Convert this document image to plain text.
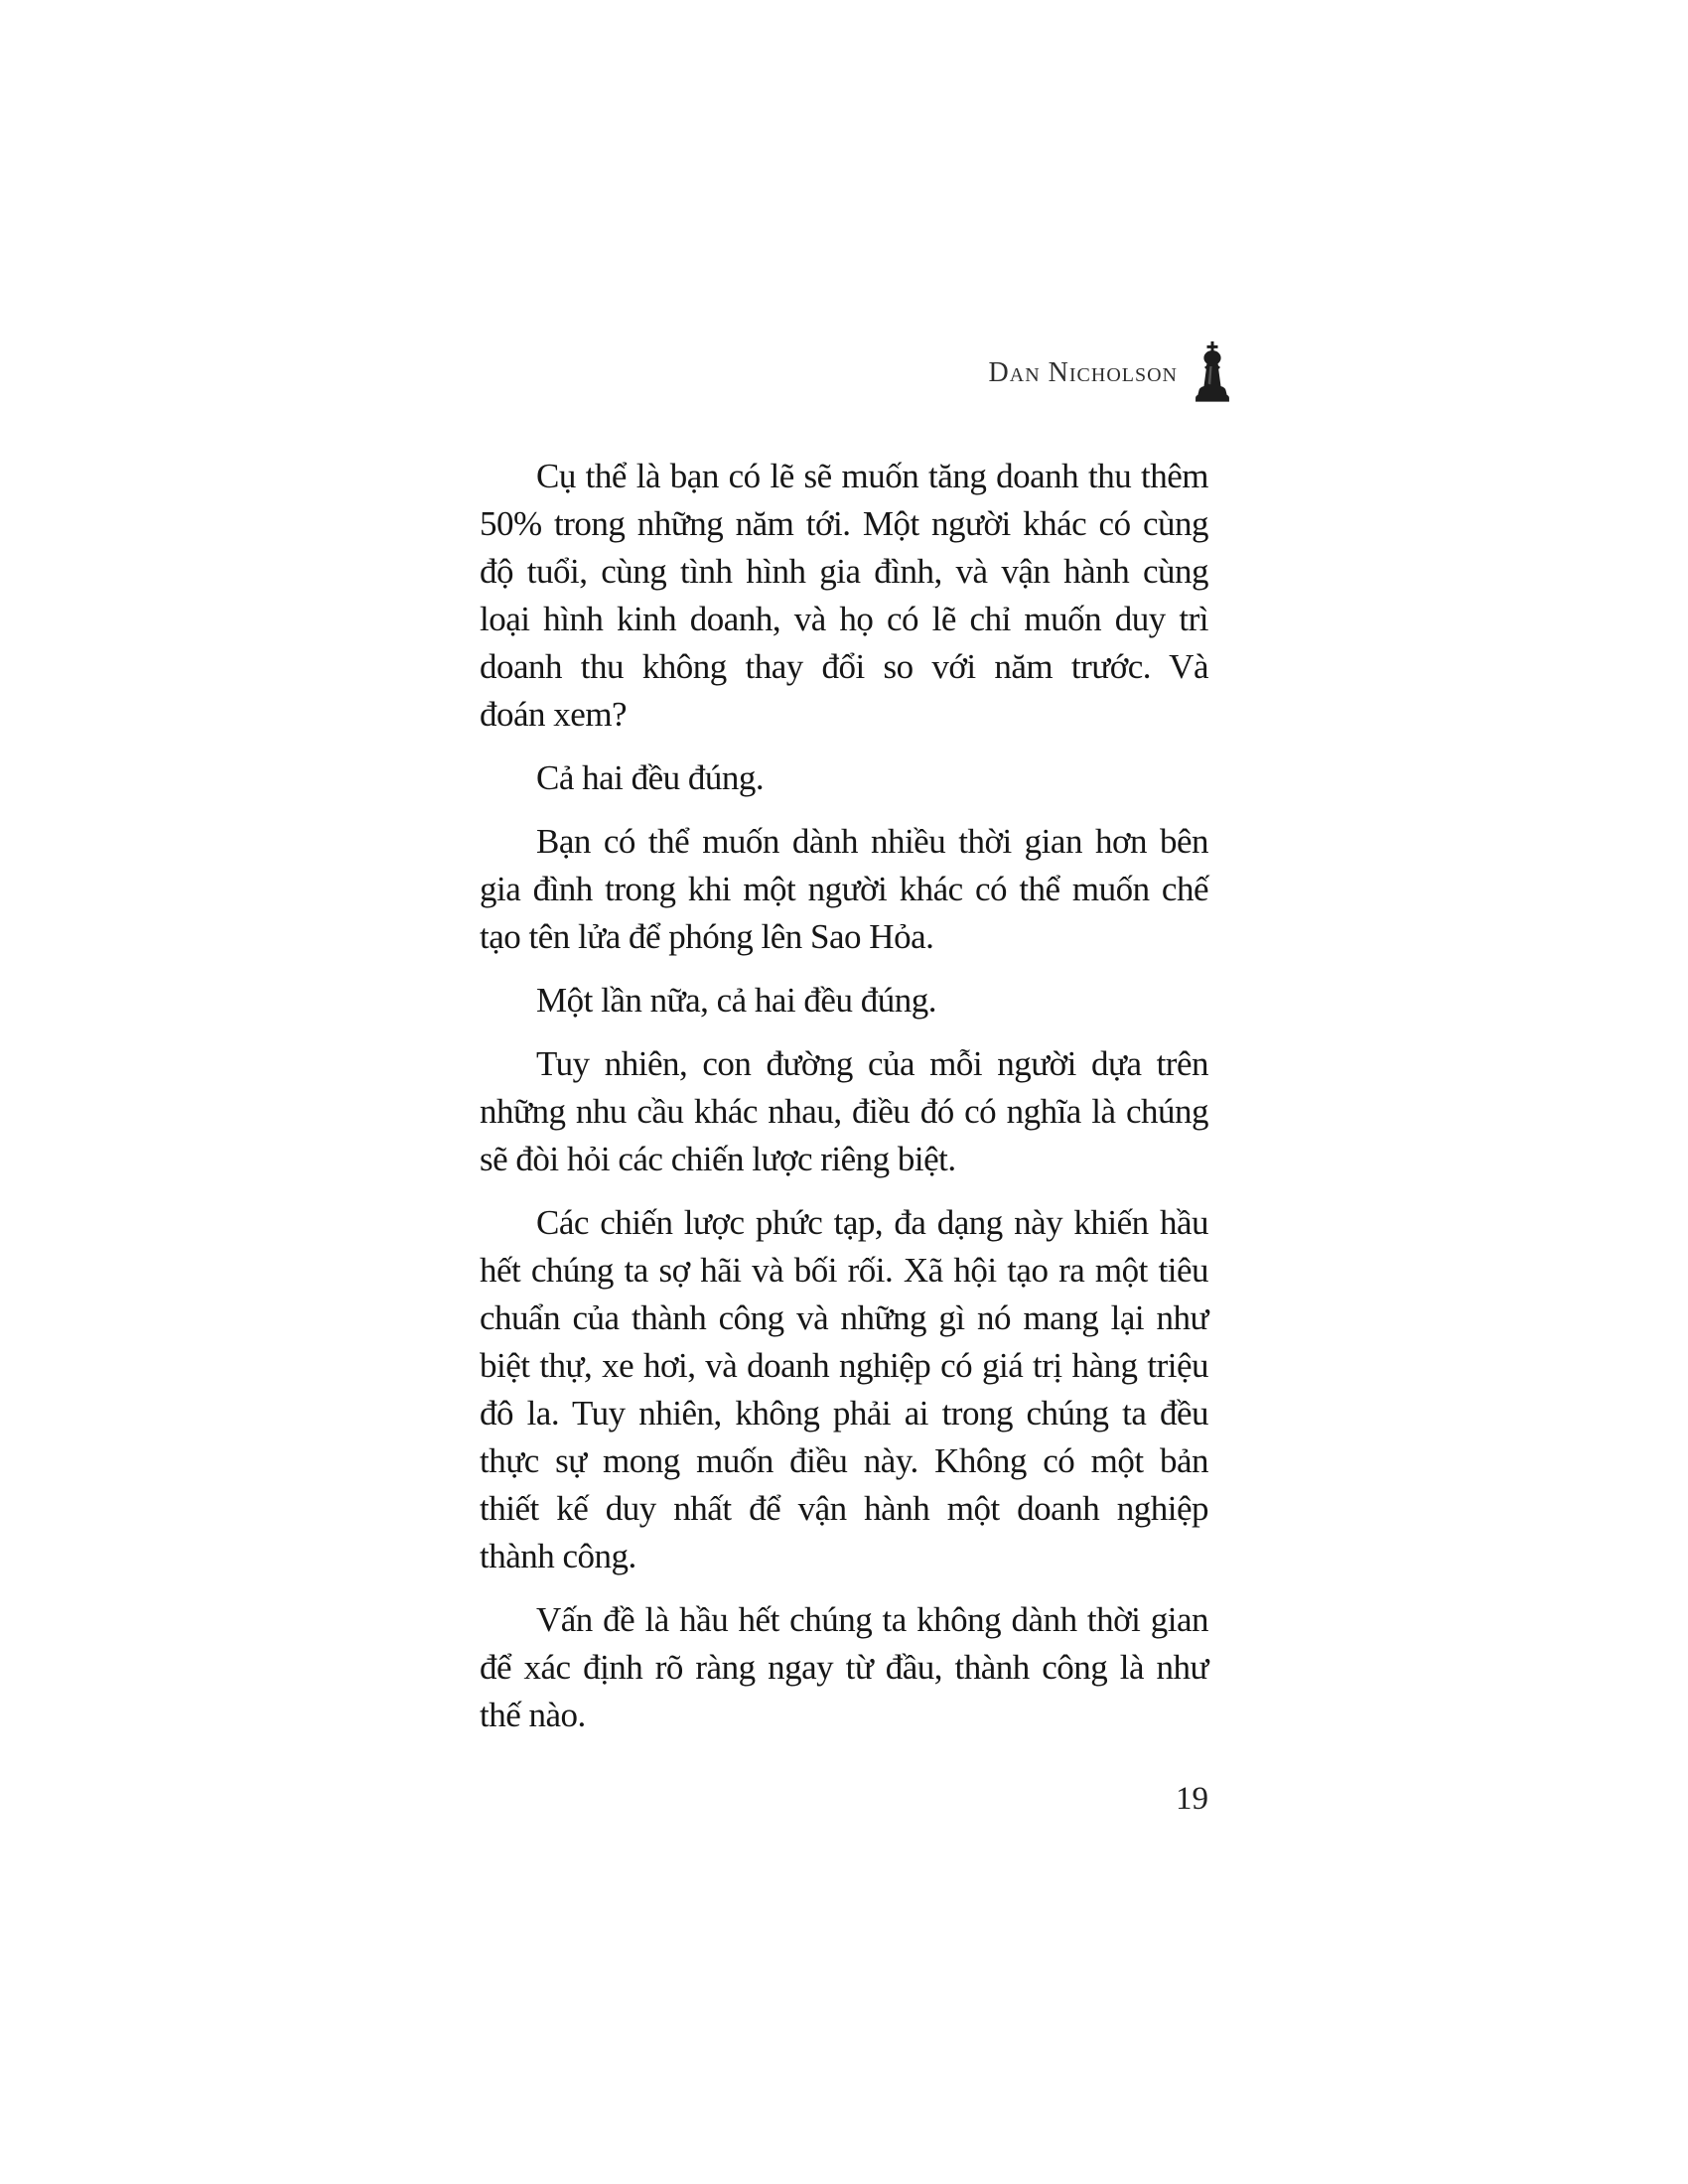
Dan Nicholson
Cụ thể là bạn có lẽ sẽ muốn tăng doanh thu thêm
50% trong những năm tới. Một người khác có cùng
độ tuổi, cùng tình hình gia đình, và vận hành cùng
loại hình kinh doanh, và họ có lẽ chỉ muốn duy trì
doanh thu không thay đổi so với năm trước. Và
đoán xem?
Cả hai đều đúng.
Bạn có thể muốn dành nhiều thời gian hơn bên
gia đình trong khi một người khác có thể muốn chế
tạo tên lửa để phóng lên Sao Hỏa.
Một lần nữa, cả hai đều đúng.
Tuy nhiên, con đường của mỗi người dựa trên
những nhu cầu khác nhau, điều đó có nghĩa là chúng
sẽ đòi hỏi các chiến lược riêng biệt.
Các chiến lược phức tạp, đa dạng này khiến hầu
hết chúng ta sợ hãi và bối rối. Xã hội tạo ra một tiêu
chuẩn của thành công và những gì nó mang lại như
biệt thự, xe hơi, và doanh nghiệp có giá trị hàng triệu
đô la. Tuy nhiên, không phải ai trong chúng ta đều
thực sự mong muốn điều này. Không có một bản
thiết kế duy nhất để vận hành một doanh nghiệp
thành công.
Vấn đề là hầu hết chúng ta không dành thời gian
để xác định rõ ràng ngay từ đầu, thành công là như
thế nào.
19
